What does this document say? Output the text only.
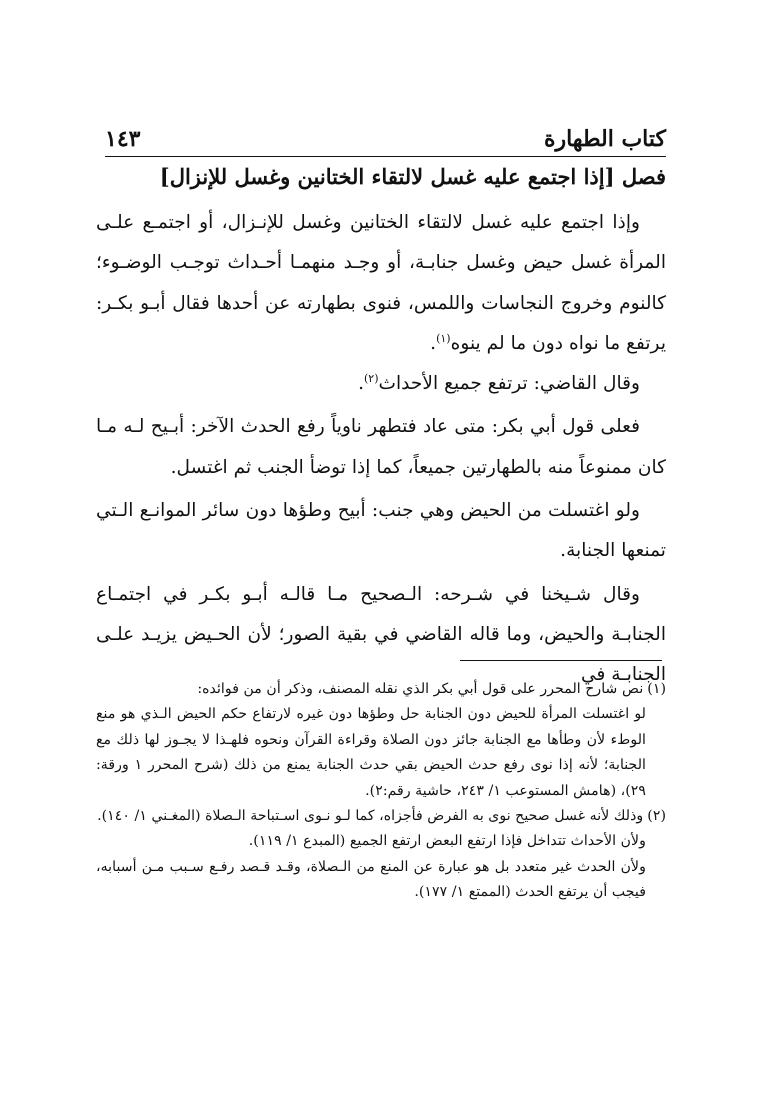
كتاب الطهارة
١٤٣
فصل [إذا اجتمع عليه غسل لالتقاء الختانين وغسل للإنزال]

وإذا اجتمع عليه غسل لالتقاء الختانين وغسل للإنـزال، أو اجتمـع علـى المرأة غسل حيض وغسل جنابـة، أو وجـد منهمـا أحـداث توجـب الوضـوء؛ كالنوم وخروج النجاسات واللمس، فنوى بطهارته عن أحدها فقال أبـو بكـر: يرتفع ما نواه دون ما لم ينوه$^{(١)}$.

وقال القاضي: ترتفع جميع الأحداث$^{(٢)}$.

فعلى قول أبي بكر: متى عاد فتطهر ناوياً رفع الحدث الآخر: أبـيح لـه مـا كان ممنوعاً منه بالطهارتين جميعاً، كما إذا توضأ الجنب ثم اغتسل.

ولو اغتسلت من الحيض وهي جنب: أبيح وطؤها دون سائر الموانـع الـتي تمنعها الجنابة.

وقال شـيخنا في شـرحه: الـصحيح مـا قالـه أبـو بكـر في اجتمـاع الجنابـة والحيض، وما قاله القاضي في بقية الصور؛ لأن الحـيض يزيـد علـى الجنابـة في

(١)نص شارح المحرر على قول أبي بكر الذي نقله المصنف، وذكر أن من فوائده:

لو اغتسلت المرأة للحيض دون الجنابة حل وطؤها دون غيره لارتفاع حكم الحيض الـذي هو منع الوطء لأن وطأها مع الجنابة جائز دون الصلاة وقراءة القرآن ونحوه فلهـذا لا يجـوز لها ذلك مع الجنابة؛ لأنه إذا نوى رفع حدث الحيض بقي حدث الجنابة يمنع من ذلك (شرح المحرر ١ ورقة: ٢٩)، (هامش المستوعب ١/ ٢٤٣، حاشية رقم:٢).

(٢)وذلك لأنه غسل صحيح نوى به الفرض فأجزاه، كما لـو نـوى اسـتباحة الـصلاة (المغـني ١/ ١٤٠).

ولأن الأحداث تتداخل فإذا ارتفع البعض ارتفع الجميع (المبدع ١/ ١١٩).

ولأن الحدث غير متعدد بل هو عبارة عن المنع من الـصلاة، وقـد قـصد رفـع سـبب مـن أسبابه، فيجب أن يرتفع الحدث (الممتع ١/ ١٧٧).
